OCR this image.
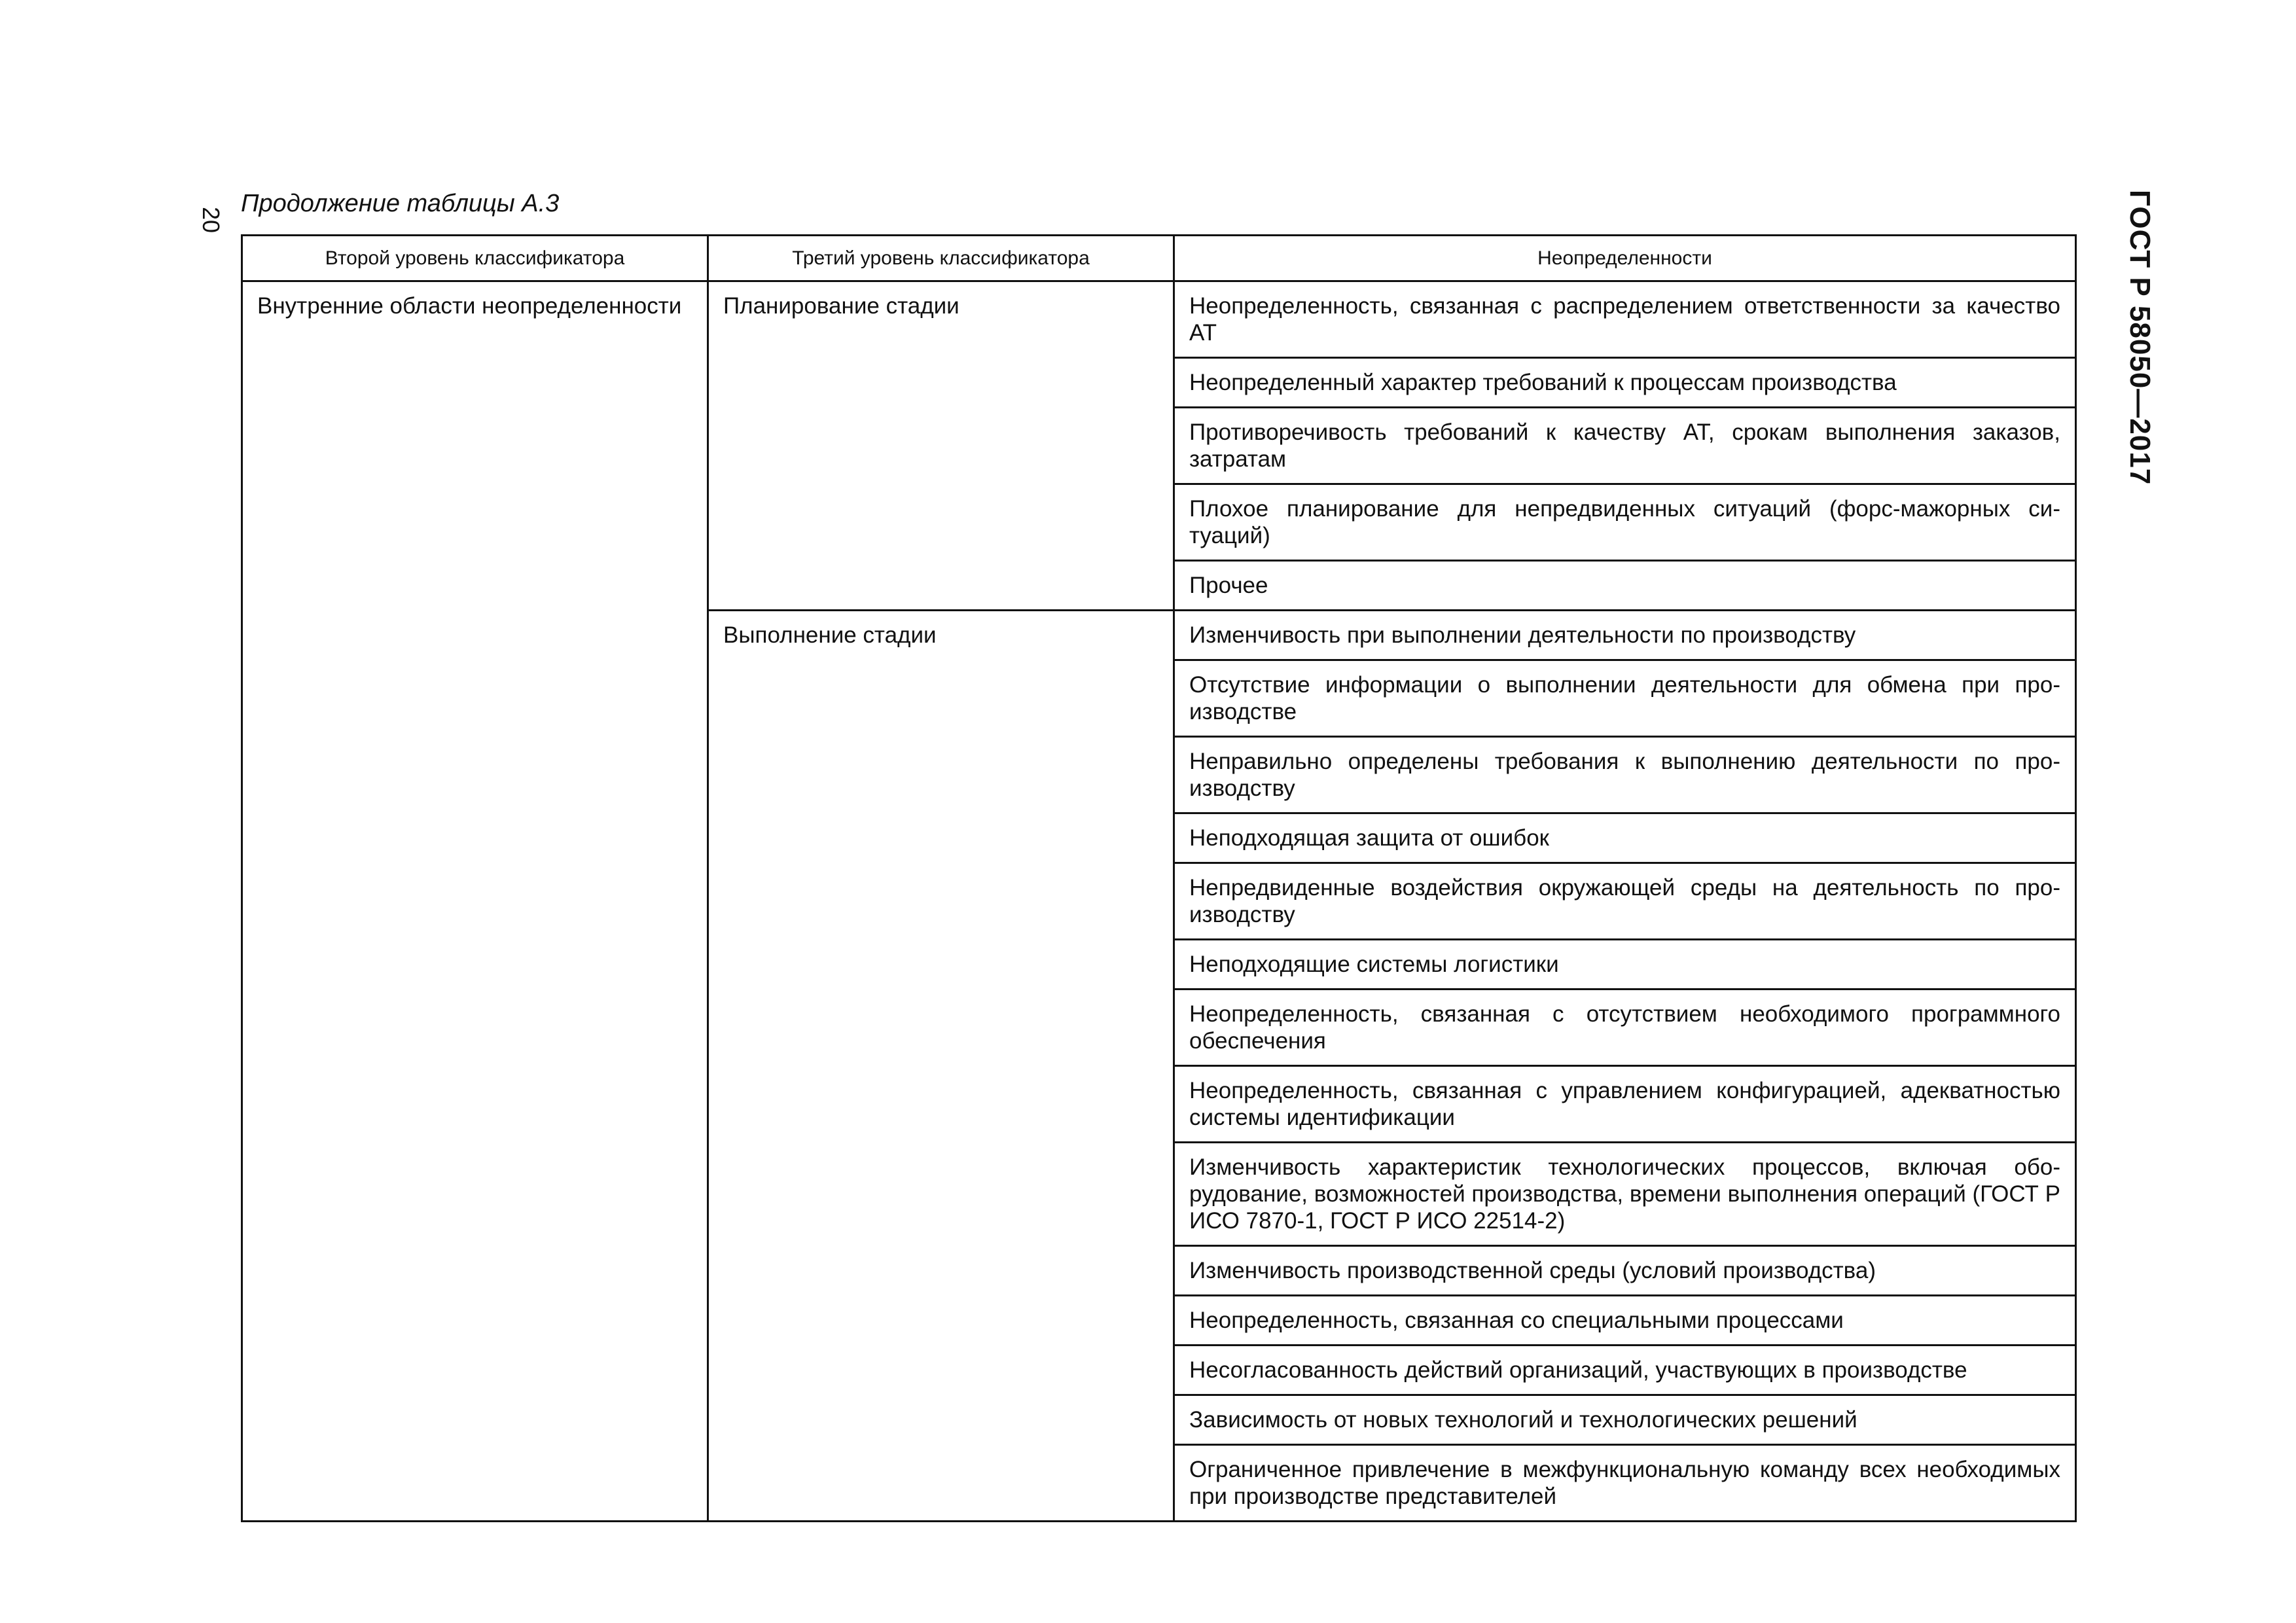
20
Продолжение таблицы А.3	ГОСТ Р 58050—2017
Второй уровень классификатора	Третий уровень классификатора	Неопределенности
Внутренние области неопределенности	Планирование стадии	Неопределенность, связанная с распределением ответственности за качество АТ
		Неопределенный характер требований к процессам производства
		Противоречивость требований к качеству АТ, срокам выполнения заказов, затратам
		Плохое планирование для непредвиденных ситуаций (форс-мажорных ситуаций)
		Прочее
	Выполнение стадии	Изменчивость при выполнении деятельности по производству
		Отсутствие информации о выполнении деятельности для обмена при производстве
		Неправильно определены требования к выполнению деятельности по производству
		Неподходящая защита от ошибок
		Непредвиденные воздействия окружающей среды на деятельность по производству
		Неподходящие системы логистики
		Неопределенность, связанная с отсутствием необходимого программного обеспечения
		Неопределенность, связанная с управлением конфигурацией, адекватностью системы идентификации
		Изменчивость характеристик технологических процессов, включая оборудование, возможностей производства, времени выполнения операций (ГОСТ Р ИСО 7870-1, ГОСТ Р ИСО 22514-2)
		Изменчивость производственной среды (условий производства)
		Неопределенность, связанная со специальными процессами
		Несогласованность действий организаций, участвующих в производстве
		Зависимость от новых технологий и технологических решений
		Ограниченное привлечение в межфункциональную команду всех необходимых при производстве представителей
